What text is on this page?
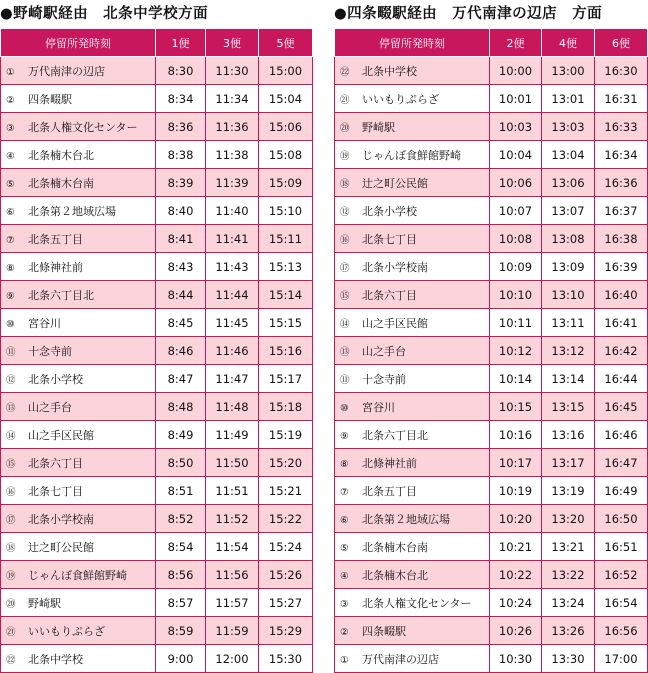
●野崎駅経由　北条中学校方面
停留所発時刻	1便	3便	5便
① 万代南津の辺店	8:30	11:30	15:00
② 四条畷駅	8:34	11:34	15:04
③ 北条人権文化センター	8:36	11:36	15:06
④ 北条楠木台北	8:38	11:38	15:08
⑤ 北条楠木台南	8:39	11:39	15:09
⑥ 北条第２地域広場	8:40	11:40	15:10
⑦ 北条五丁目	8:41	11:41	15:11
⑧ 北條神社前	8:43	11:43	15:13
⑨ 北条六丁目北	8:44	11:44	15:14
⑩ 宮谷川	8:45	11:45	15:15
⑪ 十念寺前	8:46	11:46	15:16
⑫ 北条小学校	8:47	11:47	15:17
⑬ 山之手台	8:48	11:48	15:18
⑭ 山之手区民館	8:49	11:49	15:19
⑮ 北条六丁目	8:50	11:50	15:20
⑯ 北条七丁目	8:51	11:51	15:21
⑰ 北条小学校南	8:52	11:52	15:22
⑱ 辻之町公民館	8:54	11:54	15:24
⑲ じゃんぼ食鮮館野崎	8:56	11:56	15:26
⑳ 野崎駅	8:57	11:57	15:27
㉑ いいもりぷらざ	8:59	11:59	15:29
㉒ 北条中学校	9:00	12:00	15:30
●四条畷駅経由　万代南津の辺店　方面
停留所発時刻	2便	4便	6便
㉒ 北条中学校	10:00	13:00	16:30
㉑ いいもりぷらざ	10:01	13:01	16:31
⑳ 野崎駅	10:03	13:03	16:33
⑲ じゃんぼ食鮮館野崎	10:04	13:04	16:34
⑱ 辻之町公民館	10:06	13:06	16:36
⑫ 北条小学校	10:07	13:07	16:37
⑯ 北条七丁目	10:08	13:08	16:38
⑰ 北条小学校南	10:09	13:09	16:39
⑮ 北条六丁目	10:10	13:10	16:40
⑭ 山之手区民館	10:11	13:11	16:41
⑬ 山之手台	10:12	13:12	16:42
⑪ 十念寺前	10:14	13:14	16:44
⑩ 宮谷川	10:15	13:15	16:45
⑨ 北条六丁目北	10:16	13:16	16:46
⑧ 北條神社前	10:17	13:17	16:47
⑦ 北条五丁目	10:19	13:19	16:49
⑥ 北条第２地域広場	10:20	13:20	16:50
⑤ 北条楠木台南	10:21	13:21	16:51
④ 北条楠木台北	10:22	13:22	16:52
③ 北条人権文化センター	10:24	13:24	16:54
② 四条畷駅	10:26	13:26	16:56
① 万代南津の辺店	10:30	13:30	17:00
